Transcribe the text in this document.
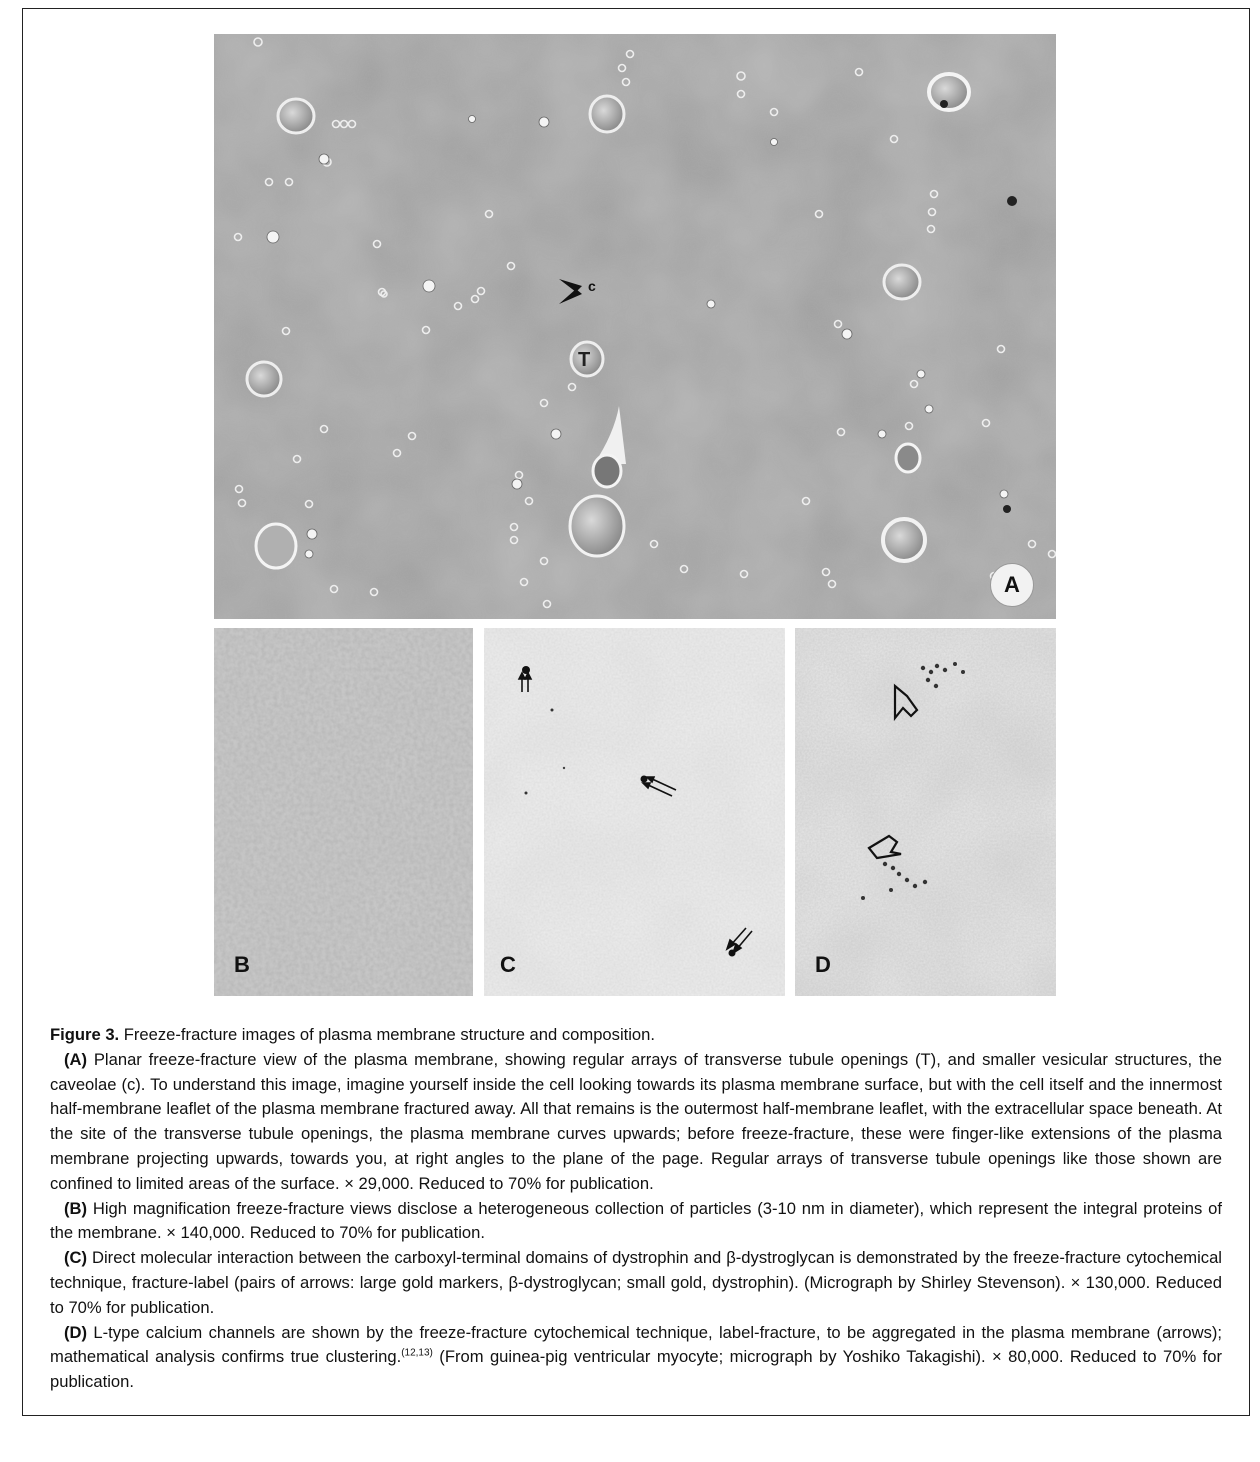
c
T
A
B	C	D

Figure 3. Freeze-fracture images of plasma membrane structure and composition.

(A) Planar freeze-fracture view of the plasma membrane, showing regular arrays of transverse tubule openings (T), and smaller vesicular structures, the caveolae (c). To understand this image, imagine yourself inside the cell looking towards its plasma membrane surface, but with the cell itself and the innermost half-membrane leaflet of the plasma membrane fractured away. All that remains is the outermost half-membrane leaflet, with the extracellular space beneath. At the site of the transverse tubule openings, the plasma membrane curves upwards; before freeze-fracture, these were finger-like extensions of the plasma membrane projecting upwards, towards you, at right angles to the plane of the page. Regular arrays of transverse tubule openings like those shown are confined to limited areas of the surface. × 29,000. Reduced to 70% for publication.

(B) High magnification freeze-fracture views disclose a heterogeneous collection of particles (3-10 nm in diameter), which represent the integral proteins of the membrane. × 140,000. Reduced to 70% for publication.

(C) Direct molecular interaction between the carboxyl-terminal domains of dystrophin and β-dystroglycan is demonstrated by the freeze-fracture cytochemical technique, fracture-label (pairs of arrows: large gold markers, β-dystroglycan; small gold, dystrophin). (Micrograph by Shirley Stevenson). × 130,000. Reduced to 70% for publication.

(D) L-type calcium channels are shown by the freeze-fracture cytochemical technique, label-fracture, to be aggregated in the plasma membrane (arrows); mathematical analysis confirms true clustering.$^{(12,13)}$ (From guinea-pig ventricular myocyte; micrograph by Yoshiko Takagishi). × 80,000. Reduced to 70% for publication.
